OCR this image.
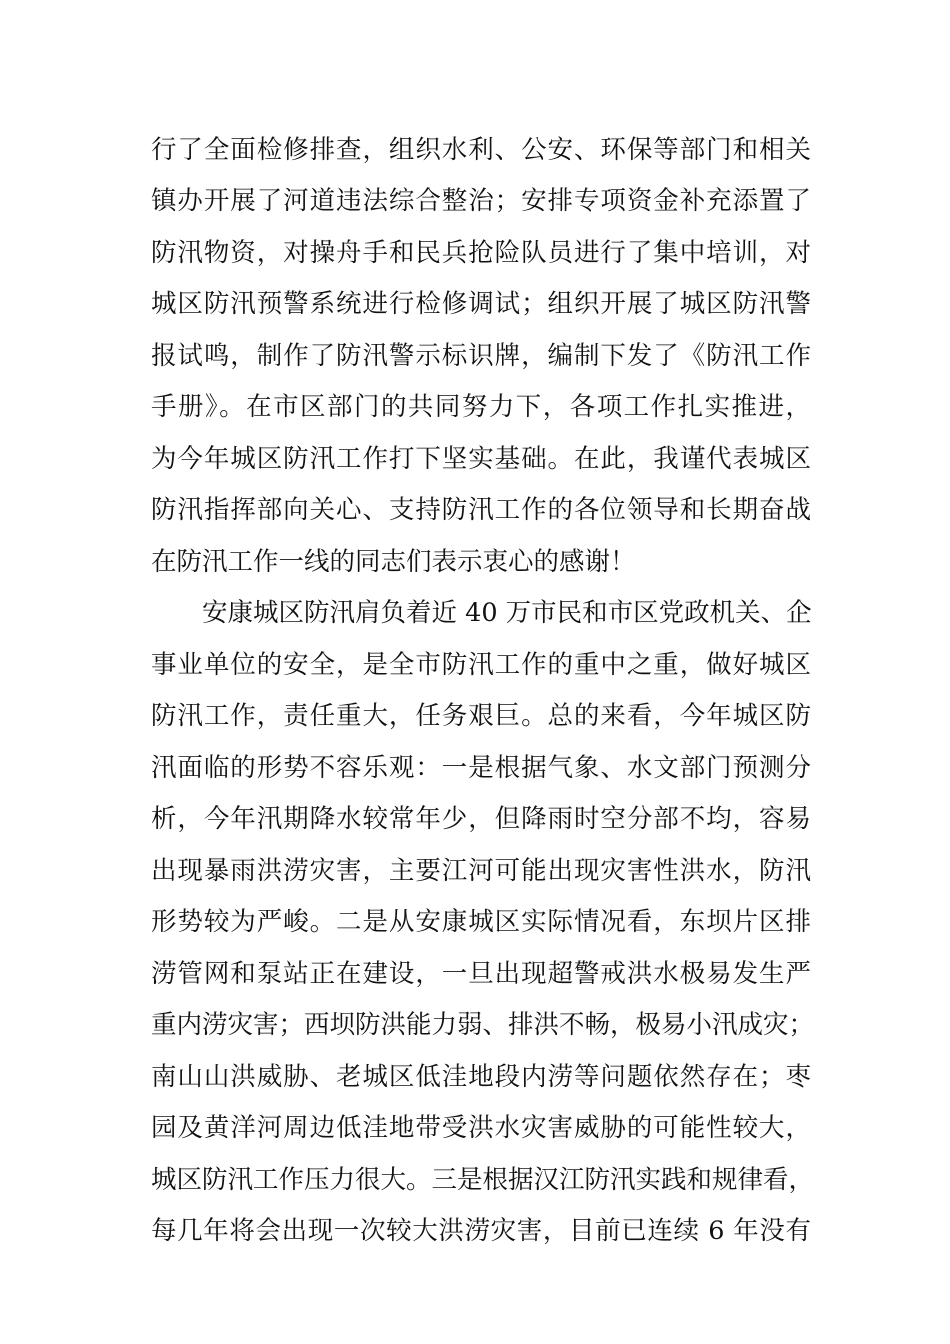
行了全面检修排查，组织水利、公安、环保等部门和相关
镇办开展了河道违法综合整治；安排专项资金补充添置了
防汛物资，对操舟手和民兵抢险队员进行了集中培训，对
城区防汛预警系统进行检修调试；组织开展了城区防汛警
报试鸣，制作了防汛警示标识牌，编制下发了《防汛工作
手册》。在市区部门的共同努力下，各项工作扎实推进，
为今年城区防汛工作打下坚实基础。在此，我谨代表城区
防汛指挥部向关心、支持防汛工作的各位领导和长期奋战
在防汛工作一线的同志们表示衷心的感谢！
安康城区防汛肩负着近 40 万市民和市区党政机关、企
事业单位的安全，是全市防汛工作的重中之重，做好城区
防汛工作，责任重大，任务艰巨。总的来看，今年城区防
汛面临的形势不容乐观：一是根据气象、水文部门预测分
析，今年汛期降水较常年少，但降雨时空分部不均，容易
出现暴雨洪涝灾害，主要江河可能出现灾害性洪水，防汛
形势较为严峻。二是从安康城区实际情况看，东坝片区排
涝管网和泵站正在建设，一旦出现超警戒洪水极易发生严
重内涝灾害；西坝防洪能力弱、排洪不畅，极易小汛成灾；
南山山洪威胁、老城区低洼地段内涝等问题依然存在；枣
园及黄洋河周边低洼地带受洪水灾害威胁的可能性较大，
城区防汛工作压力很大。三是根据汉江防汛实践和规律看，
每几年将会出现一次较大洪涝灾害，目前已连续 6 年没有
